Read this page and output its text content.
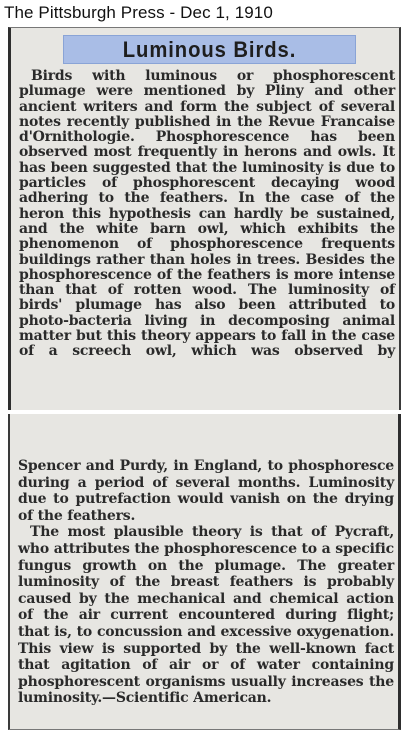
The Pittsburgh Press - Dec 1, 1910
Luminous Birds.

Birds with luminous or phosphorescent plumage were mentioned by Pliny and other ancient writers and form the subject of several notes recently published in the Revue Francaise d'Ornithologie. Phosphorescence has been observed most frequently in herons and owls. It has been suggested that the luminosity is due to particles of phosphorescent decaying wood adhering to the feathers. In the case of the heron this hypothesis can hardly be sustained, and the white barn owl, which exhibits the phenomenon of phosphorescence frequents buildings rather than holes in trees. Besides the phosphorescence of the feathers is more intense than that of rotten wood. The luminosity of birds' plumage has also been attributed to photo-bacteria living in decomposing animal matter but this theory appears to fall in the case of a screech owl, which was observed by

Spencer and Purdy, in England, to phosphoresce during a period of several months. Luminosity due to putrefaction would vanish on the drying of the feathers.

The most plausible theory is that of Pycraft, who attributes the phosphorescence to a specific fungus growth on the plumage. The greater luminosity of the breast feathers is probably caused by the mechanical and chemical action of the air current encountered during flight; that is, to concussion and excessive oxygenation. This view is supported by the well-known fact that agitation of air or of water containing phosphorescent organisms usually increases the luminosity.—Scientific American.
